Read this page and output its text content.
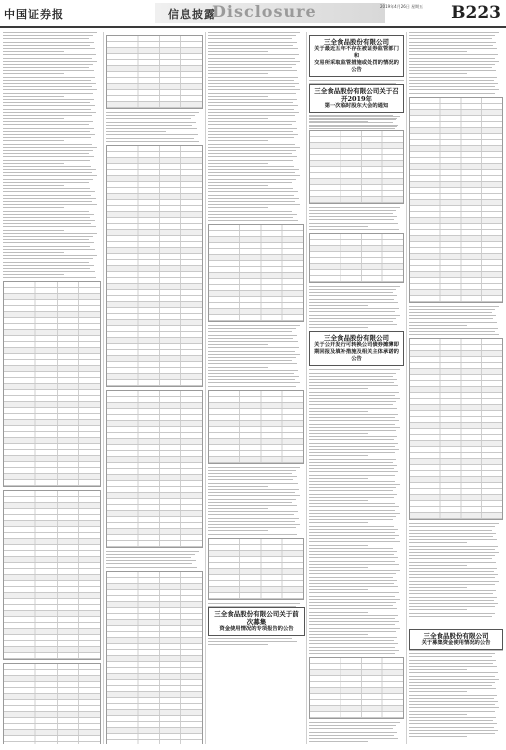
中国证券报	信息披露
Disclosure	2019年4月26日 星期五 B223
三全食品股份有限公司
关于最近五年不存在被证券监管部门和
交易所采取监管措施或处罚的情况的公告
三全食品股份有限公司关于召开2019年
第一次临时股东大会的通知
三全食品股份有限公司
关于公开发行可转换公司债券摊薄即
期回报及填补措施及相关主体承诺的公告
三全食品股份有限公司关于前次募集
资金使用情况的专项报告的公告
三全食品股份有限公司
关于募集资金使用情况的公告
